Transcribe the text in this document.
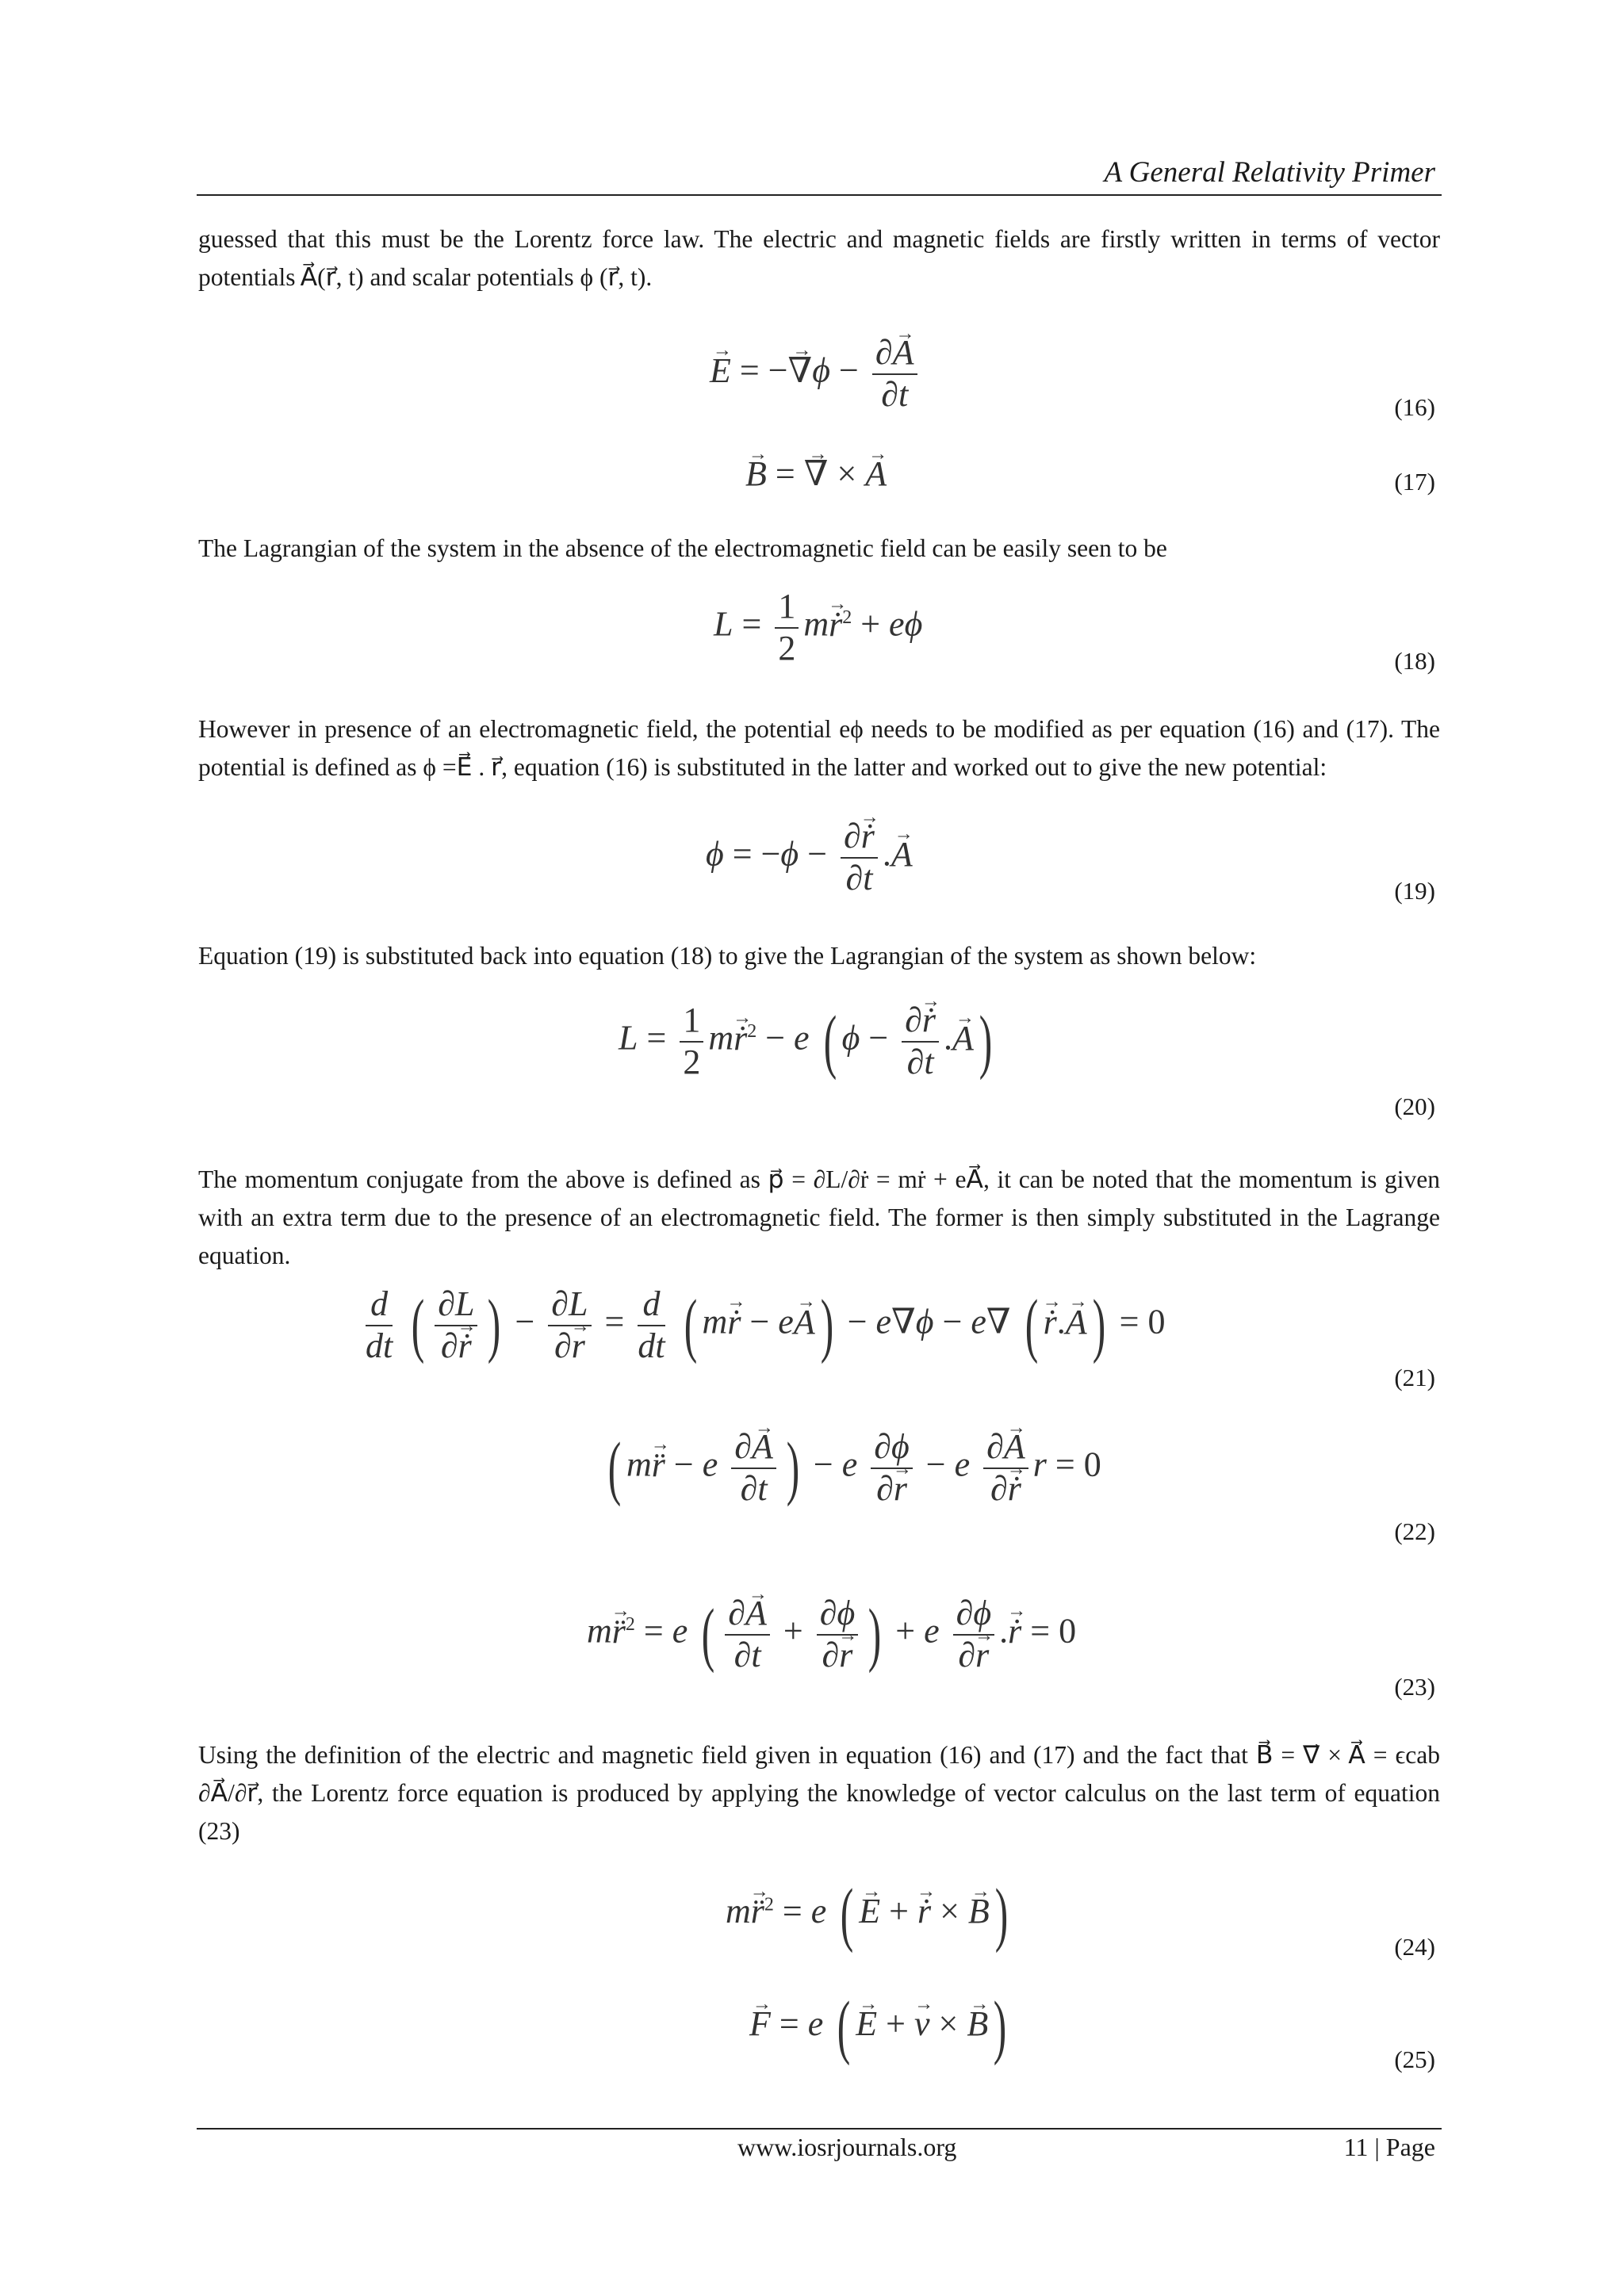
A General Relativity Primer

guessed that this must be the Lorentz force law. The electric and magnetic fields are firstly written in terms of vector potentials A⃗(r⃗, t) and scalar potentials ϕ (r⃗, t).

E → = −∇ $\to\phi - \frac{\partial A \to}{\partial t}$	(16)
B → = ∇ → × A →	(17)

The Lagrangian of the system in the absence of the electromagnetic field can be easily seen to be

$L = \frac{1}{2}$ mṙ →$^2$ + eϕ
(18)

However in presence of an electromagnetic field, the potential eϕ needs to be modified as per equation (16) and (17). The potential is defined as ϕ =E⃗ . r⃗, equation (16) is substituted in the latter and worked out to give the new potential:

$\phi = -\phi - \frac{\text{∂ṙ →}}{\partial t} .A$ →
(19)

Equation (19) is substituted back into equation (18) to give the Lagrangian of the system as shown below:

$L = \frac{1}{2}$ mṙ →$^2$ − e ( $\phi - \frac{\text{∂ṙ →}}{\partial t} .A$ →)
(20)

The momentum conjugate from the above is defined as p⃗ = ∂L/∂ṙ = mṙ + eA⃗, it can be noted that the momentum is given with an extra term due to the presence of an electromagnetic field. The former is then simply substituted in the Lagrange equation.

$\frac{d}{dt}$ ( $\frac{\partial L}{\text{∂ṙ}}$ → ) − $\frac{\partial L}{\partial r}$ → = $\frac{d}{dt}$ ( mṙ → − eA →) − e∇ϕ − e∇ ( ṙ →.A →) = 0
(21)
( mr̈ → − e $\frac{\partial A \to}{\partial t}$ ) − e $\frac{\partial\phi}{\partial r}$ → − e $\frac{\partial A \to}{\text{∂ṙ}} \to r = 0$
(22)
mr̈ →$^2$ = e ( $\frac{\partial A \to}{\partial t} + \frac{\partial\phi}{\partial r}$ → ) + e $\frac{\partial\phi}{\partial r}$ → .ṙ → = 0
(23)

Using the definition of the electric and magnetic field given in equation (16) and (17) and the fact that B⃗ = ∇⃗ × A⃗ = ϵcab ∂A⃗/∂r⃗, the Lorentz force equation is produced by applying the knowledge of vector calculus on the last term of equation (23)

mr̈ →$^2$ = e ( E → + ṙ → × B →)	(24)
F → = e ( E → + v → × B →)	(25)
www.iosrjournals.org	11 | Page
